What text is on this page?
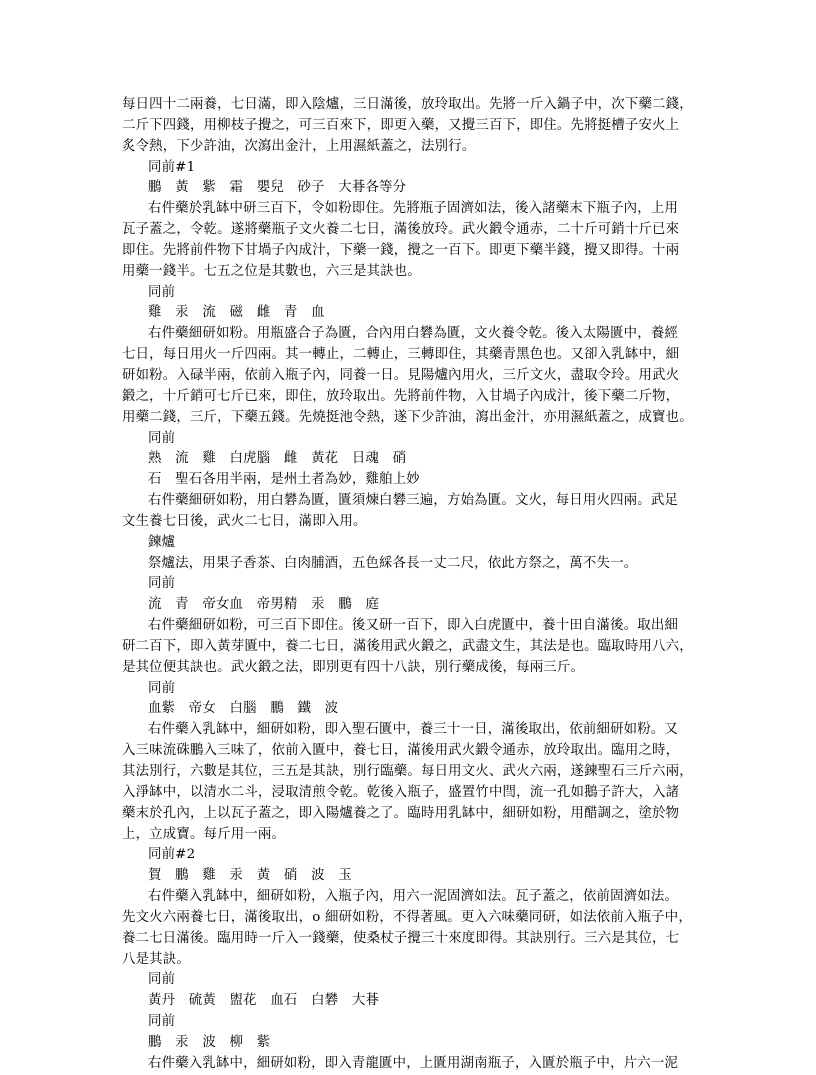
每日四十二兩養，七日滿，即入陰爐，三日滿後，放玲取出。先將一斤入鍋子中，次下藥二錢，
二斤下四錢，用柳枝子攪之，可三百來下，即更入藥，又攪三百下，即住。先將挺槽子安火上
炙令熱，下少許油，次瀉出金汁，上用濕紙蓋之，法別行。
同前#1
鵬　黃　紫　霜　嬰兒　砂子　大朞各等分
右件藥於乳缽中研三百下，令如粉即住。先將瓶子固濟如法，後入諸藥末下瓶子內，上用
瓦子蓋之，令乾。遂將藥瓶子文火養二七日，滿後放玲。武火鍛令通赤，二十斤可銷十斤已來
即住。先將前件物下甘堝子內成汁，下藥一錢，攪之一百下。即更下藥半錢，攪又即得。十兩
用藥一錢半。七五之位是其數也，六三是其訣也。
同前
雞　汞　流　磁　雌　青　血
右件藥細研如粉。用瓶盛合子為匱，合內用白礬為匱，文火養令乾。後入太陽匱中，養經
七日，每日用火一斤四兩。其一轉止，二轉止，三轉即住，其藥青黑色也。又卻入乳缽中，細
研如粉。入碌半兩，依前入瓶子內，同養一日。見陽爐內用火，三斤文火，盡取令玲。用武火
鍛之，十斤銷可七斤已來，即住，放玲取出。先將前件物，入甘堝子內成汁，後下藥二斤物，
用藥二錢，三斤，下藥五錢。先燒挺池令熱，遂下少許油，瀉出金汁，亦用濕紙蓋之，成寶也。
同前
熟　流　雞　白虎腦　雌　黃花　日魂　硝
石　聖石各用半兩，是州土者為妙，雞舶上妙
右件藥細研如粉，用白礬為匱，匱須煉白礬三遍，方始為匱。文火，每日用火四兩。武足
文生養七日後，武火二七日，滿即入用。
鍊爐
祭爐法，用果子香茶、白肉脯酒，五色綵各長一丈二尺，依此方祭之，萬不失一。
同前
流　青　帝女血　帝男精　汞　鵬　庭
右件藥細研如粉，可三百下即住。後又研一百下，即入白虎匱中，養十田自滿後。取出細
研二百下，即入黃芽匱中，養二七日，滿後用武火鍛之，武盡文生，其法是也。臨取時用八六，
是其位便其訣也。武火鍛之法，即別更有四十八訣，別行藥成後，每兩三斤。
同前
血紫　帝女　白腦　鵬　鐵　波
右件藥入乳缽中，細研如粉，即入聖石匱中，養三十一日，滿後取出，依前細研如粉。又
入三味流硃鵬入三味了，依前入匱中，養七日，滿後用武火鍛令通赤，放玲取出。臨用之時，
其法別行，六數是其位，三五是其訣，別行臨藥。每日用文火、武火六兩，遂鍊聖石三斤六兩，
入淨缽中，以清水二斗，浸取清煎令乾。乾後入瓶子，盛置竹中閆，流一孔如鵝子許大，入諸
藥末於孔內，上以瓦子蓋之，即入陽爐養之了。臨時用乳缽中，細研如粉，用醋調之，塗於物
上，立成寶。每斤用一兩。
同前#2
賀　鵬　雞　汞　黃　硝　波　玉
右件藥入乳缽中，細研如粉，入瓶子內，用六一泥固濟如法。瓦子蓋之，依前固濟如法。
先文火六兩養七日，滿後取出，o 細研如粉，不得著風。更入六味藥同研，如法依前入瓶子中，
養二七日滿後。臨用時一斤入一錢藥，使桑杖子攪三十來度即得。其訣別行。三六是其位，七
八是其訣。
同前
黃丹　硫黃　盥花　血石　白礬　大朞
同前
鵬　汞　波　柳　紫
右件藥入乳缽中，細研如粉，即入青龍匱中，上匱用湖南瓶子，入匱於瓶子中，片六一泥
